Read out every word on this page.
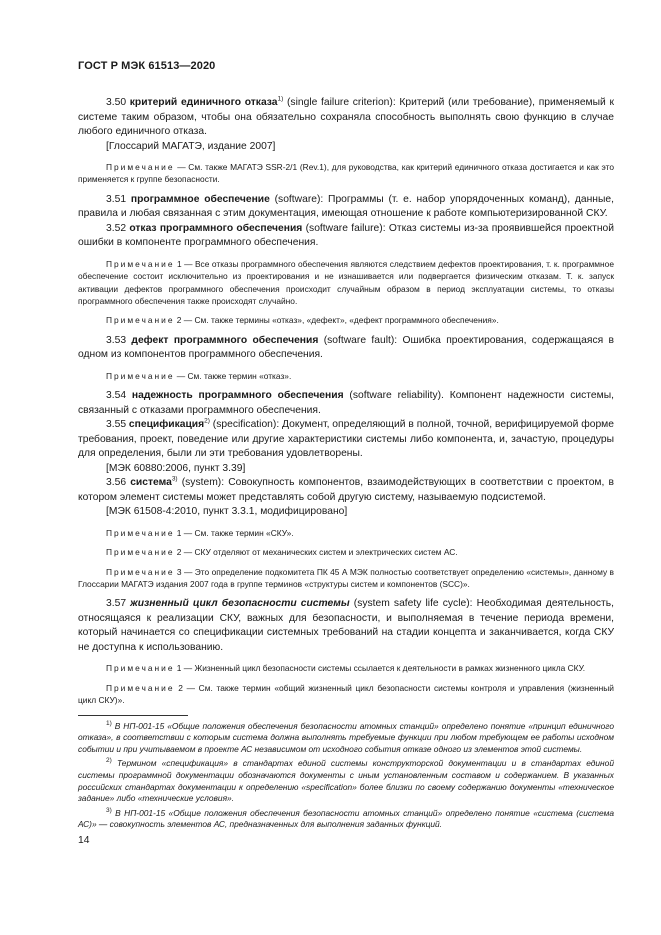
ГОСТ Р МЭК 61513—2020

3.50 критерий единичного отказа$^{1)}$ (single failure criterion): Критерий (или требование), применяемый к системе таким образом, чтобы она обязательно сохраняла способность выполнять свою функцию в случае любого единичного отказа.

[Глоссарий МАГАТЭ, издание 2007]

Примечание — См. также МАГАТЭ SSR-2/1 (Rev.1), для руководства, как критерий единичного отказа достигается и как это применяется к группе безопасности.

3.51 программное обеспечение (software): Программы (т. е. набор упорядоченных команд), данные, правила и любая связанная с этим документация, имеющая отношение к работе компьютеризированной СКУ.

3.52 отказ программного обеспечения (software failure): Отказ системы из-за проявившейся проектной ошибки в компоненте программного обеспечения.

Примечание 1 — Все отказы программного обеспечения являются следствием дефектов проектирования, т. к. программное обеспечение состоит исключительно из проектирования и не изнашивается или подвергается физическим отказам. Т. к. запуск активации дефектов программного обеспечения происходит случайным образом в период эксплуатации системы, то отказы программного обеспечения также происходят случайно.

Примечание 2 — См. также термины «отказ», «дефект», «дефект программного обеспечения».

3.53 дефект программного обеспечения (software fault): Ошибка проектирования, содержащаяся в одном из компонентов программного обеспечения.

Примечание — См. также термин «отказ».

3.54 надежность программного обеспечения (software reliability). Компонент надежности системы, связанный с отказами программного обеспечения.

3.55 спецификация$^{2)}$ (specification): Документ, определяющий в полной, точной, верифицируемой форме требования, проект, поведение или другие характеристики системы либо компонента, и, зачастую, процедуры для определения, были ли эти требования удовлетворены.

[МЭК 60880:2006, пункт 3.39]

3.56 система$^{3)}$ (system): Совокупность компонентов, взаимодействующих в соответствии с проектом, в котором элемент системы может представлять собой другую систему, называемую подсистемой.

[МЭК 61508-4:2010, пункт 3.3.1, модифицировано]

Примечание 1 — См. также термин «СКУ».

Примечание 2 — СКУ отделяют от механических систем и электрических систем АС.

Примечание 3 — Это определение подкомитета ПК 45 А МЭК полностью соответствует определению «системы», данному в Глоссарии МАГАТЭ издания 2007 года в группе терминов «структуры систем и компонентов (SCC)».

3.57 жизненный цикл безопасности системы (system safety life cycle): Необходимая деятельность, относящаяся к реализации СКУ, важных для безопасности, и выполняемая в течение периода времени, который начинается со спецификации системных требований на стадии концепта и заканчивается, когда СКУ не доступна к использованию.

Примечание 1 — Жизненный цикл безопасности системы ссылается к деятельности в рамках жизненного цикла СКУ.

Примечание 2 — См. также термин «общий жизненный цикл безопасности системы контроля и управления (жизненный цикл СКУ)».

$^{1)}$ В НП-001-15 «Общие положения обеспечения безопасности атомных станций» определено понятие «принцип единичного отказа», в соответствии с которым система должна выполнять требуемые функции при любом требующем ее работы исходном событии и при учитываемом в проекте АС независимом от исходного события отказе одного из элементов этой системы.

$^{2)}$ Термином «спецификация» в стандартах единой системы конструкторской документации и в стандартах единой системы программной документации обозначаются документы с иным установленным составом и содержанием. В указанных российских стандартах документации к определению «specification» более близки по своему содержанию документы «техническое задание» либо «технические условия».

$^{3)}$ В НП-001-15 «Общие положения обеспечения безопасности атомных станций» определено понятие «система (система АС)» — совокупность элементов АС, предназначенных для выполнения заданных функций.

14
